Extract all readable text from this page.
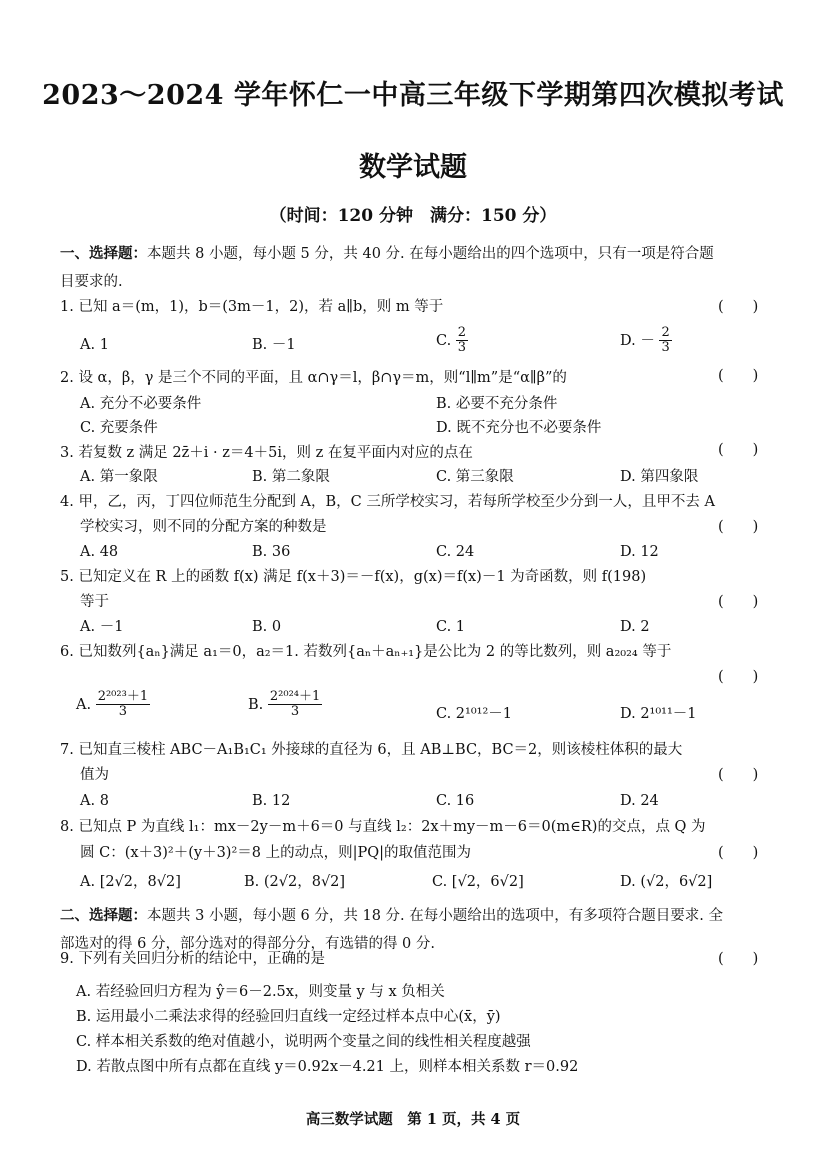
2023～2024 学年怀仁一中高三年级下学期第四次模拟考试
数学试题
（时间：120 分钟　满分：150 分）
一、选择题：本题共 8 小题，每小题 5 分，共 40 分. 在每小题给出的四个选项中，只有一项是符合题
目要求的.
1. 已知 a＝(m，1)，b＝(3m－1，2)，若 a∥b，则 m 等于	(　　)
A. 1	B. －1	C. $\frac{2}{3}$	D. － $\frac{2}{3}$
2. 设 α，β，γ 是三个不同的平面，且 α∩γ＝l，β∩γ＝m，则“l∥m”是“α∥β”的	(　　)
A. 充分不必要条件	B. 必要不充分条件
C. 充要条件	D. 既不充分也不必要条件
3. 若复数 z 满足 2z̄＋i · z＝4＋5i，则 z 在复平面内对应的点在	(　　)
A. 第一象限	B. 第二象限	C. 第三象限	D. 第四象限
4. 甲，乙，丙，丁四位师范生分配到 A，B，C 三所学校实习，若每所学校至少分到一人，且甲不去 A
学校实习，则不同的分配方案的种数是	(　　)
A. 48	B. 36	C. 24	D. 12
5. 已知定义在 R 上的函数 f(x) 满足 f(x＋3)＝－f(x)，g(x)＝f(x)－1 为奇函数，则 f(198)
等于	(　　)
A. －1	B. 0	C. 1	D. 2
6. 已知数列{aₙ}满足 a₁＝0，a₂＝1. 若数列{aₙ＋aₙ₊₁}是公比为 2 的等比数列，则 a₂₀₂₄ 等于
(　　)
A. $\frac{\text{2²⁰²³＋1}}{3}$	B. $\frac{\text{2²⁰²⁴＋1}}{3}$	C. 2¹⁰¹²－1	D. 2¹⁰¹¹－1
7. 已知直三棱柱 ABC－A₁B₁C₁ 外接球的直径为 6，且 AB⊥BC，BC＝2，则该棱柱体积的最大
值为	(　　)
A. 8	B. 12	C. 16	D. 24
8. 已知点 P 为直线 l₁：mx－2y－m＋6＝0 与直线 l₂：2x＋my－m－6＝0(m∈R)的交点，点 Q 为
圆 C：(x＋3)²＋(y＋3)²＝8 上的动点，则|PQ|的取值范围为	(　　)
A. [2√2，8√2]	B. (2√2，8√2]	C. [√2，6√2]	D. (√2，6√2]
二、选择题：本题共 3 小题，每小题 6 分，共 18 分. 在每小题给出的选项中，有多项符合题目要求. 全
部选对的得 6 分，部分选对的得部分分，有选错的得 0 分.
9. 下列有关回归分析的结论中，正确的是	(　　)
A. 若经验回归方程为 ŷ＝6－2.5x，则变量 y 与 x 负相关
B. 运用最小二乘法求得的经验回归直线一定经过样本点中心(x̄，ȳ)
C. 样本相关系数的绝对值越小，说明两个变量之间的线性相关程度越强
D. 若散点图中所有点都在直线 y＝0.92x－4.21 上，则样本相关系数 r＝0.92
高三数学试题　第 1 页，共 4 页
